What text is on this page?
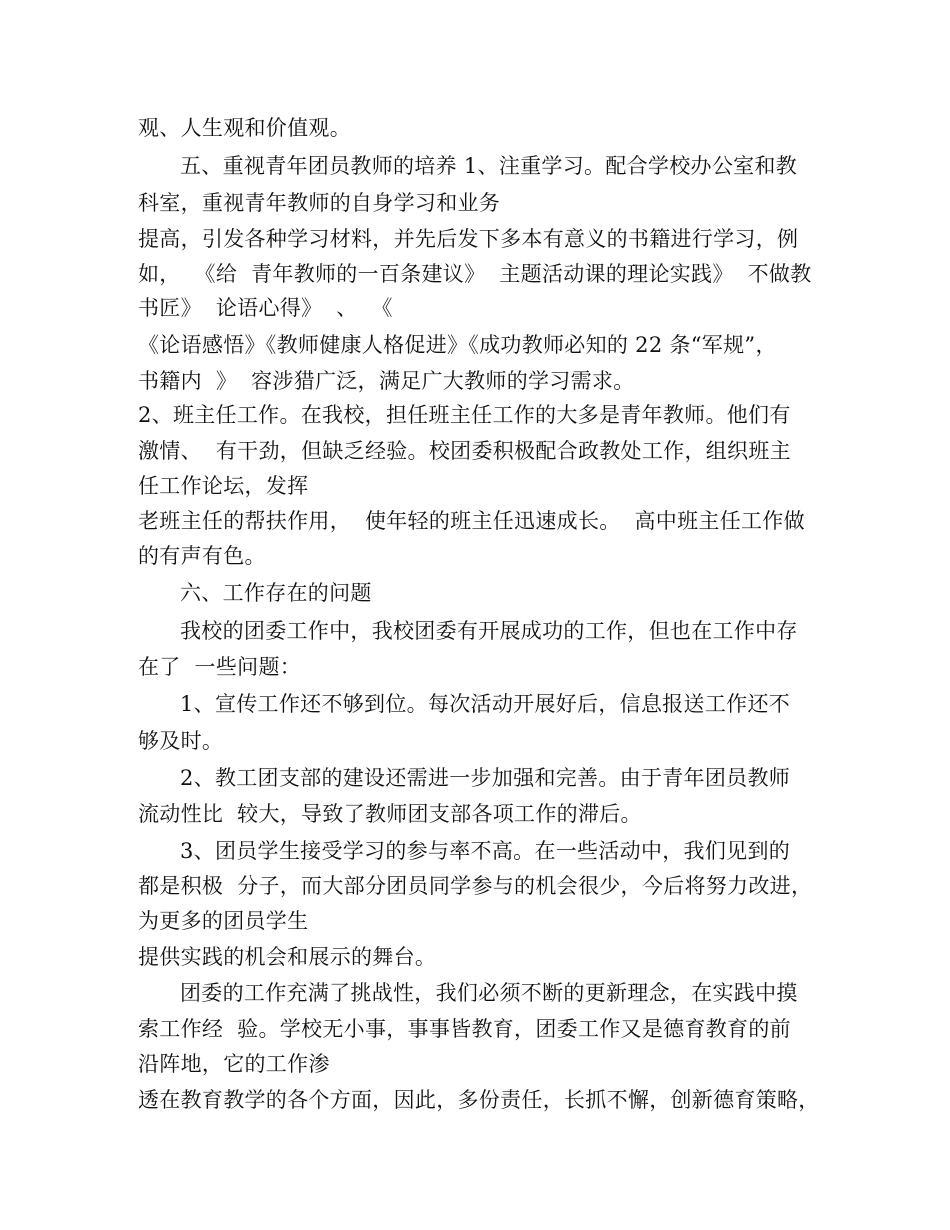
观、人生观和价值观。
五、重视青年团员教师的培养 1、注重学习。配合学校办公室和教
科室，重视青年教师的自身学习和业务
提高，引发各种学习材料，并先后发下多本有意义的书籍进行学习，例
如，  《给  青年教师的一百条建议》  主题活动课的理论实践》  不做教
书匠》  论语心得》  、  《
《论语感悟》《教师健康人格促进》《成功教师必知的 22 条“军规”，
书籍内  》  容涉猎广泛，满足广大教师的学习需求。
2、班主任工作。在我校，担任班主任工作的大多是青年教师。他们有
激情、  有干劲，但缺乏经验。校团委积极配合政教处工作，组织班主
任工作论坛，发挥
老班主任的帮扶作用，  使年轻的班主任迅速成长。  高中班主任工作做
的有声有色。
六、工作存在的问题
我校的团委工作中，我校团委有开展成功的工作，但也在工作中存
在了  一些问题：
1、宣传工作还不够到位。每次活动开展好后，信息报送工作还不
够及时。
2、教工团支部的建设还需进一步加强和完善。由于青年团员教师
流动性比  较大，导致了教师团支部各项工作的滞后。
3、团员学生接受学习的参与率不高。在一些活动中，我们见到的
都是积极  分子，而大部分团员同学参与的机会很少，今后将努力改进，
为更多的团员学生
提供实践的机会和展示的舞台。
团委的工作充满了挑战性，我们必须不断的更新理念，在实践中摸
索工作经  验。学校无小事，事事皆教育，团委工作又是德育教育的前
沿阵地，它的工作渗
透在教育教学的各个方面，因此，多份责任，长抓不懈，创新德育策略，
